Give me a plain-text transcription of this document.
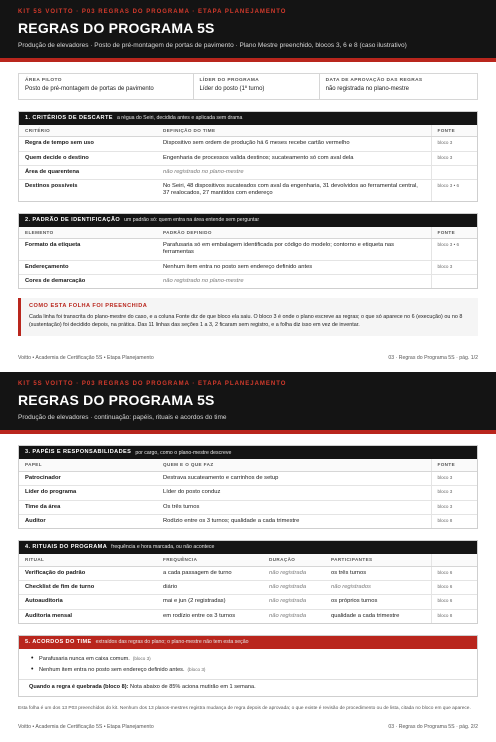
KIT 5S VOITTO · P03 REGRAS DO PROGRAMA · ETAPA PLANEJAMENTO
REGRAS DO PROGRAMA 5S
Produção de elevadores · Posto de pré-montagem de portas de pavimento · Plano Mestre preenchido, blocos 3, 6 e 8 (caso ilustrativo)
ÁREA PILOTO
Posto de pré-montagem de portas de pavimento
LÍDER DO PROGRAMA
Líder do posto (1º turno)
DATA DE APROVAÇÃO DAS REGRAS
não registrada no plano-mestre
1. CRITÉRIOS DE DESCARTE a régua do Seiri, decidida antes e aplicada sem drama
CRITÉRIO	DEFINIÇÃO DO TIME	FONTE
Regra de tempo sem uso	Dispositivo sem ordem de produção há 6 meses recebe cartão vermelho	bloco 3
Quem decide o destino	Engenharia de processos valida destinos; sucateamento só com aval dela	bloco 3
Área de quarentena	não registrado no plano-mestre	
Destinos possíveis	No Seiri, 48 dispositivos sucateados com aval da engenharia, 31 devolvidos ao ferramental central, 37 realocados, 27 mantidos com endereço	bloco 3 • 6
2. PADRÃO DE IDENTIFICAÇÃO um padrão só: quem entra na área entende sem perguntar
ELEMENTO	PADRÃO DEFINIDO	FONTE
Formato da etiqueta	Parafusaria só em embalagem identificada por código do modelo; contorno e etiqueta nas ferramentas	bloco 3 • 6
Endereçamento	Nenhum item entra no posto sem endereço definido antes	bloco 3
Cores de demarcação	não registrado no plano-mestre	
COMO ESTA FOLHA FOI PREENCHIDA
Cada linha foi transcrita do plano-mestre do caso, e a coluna Fonte diz de que bloco ela saiu. O bloco 3 é onde o plano escreve as regras; o que só aparece no 6 (execução) ou no 8 (sustentação) foi decidido depois, na prática. Das 11 linhas das seções 1 a 3, 2 ficaram sem registro, e a folha diz isso em vez de inventar.
Voitto • Academia de Certificação 5S • Etapa Planejamento	03 · Regras do Programa 5S · pág. 1/2
KIT 5S VOITTO · P03 REGRAS DO PROGRAMA · ETAPA PLANEJAMENTO
REGRAS DO PROGRAMA 5S
Produção de elevadores · continuação: papéis, rituais e acordos do time
3. PAPÉIS E RESPONSABILIDADES por cargo, como o plano-mestre descreve
PAPEL	QUEM E O QUE FAZ	FONTE
Patrocinador	Destrava sucateamento e carrinhos de setup	bloco 3
Líder do programa	Líder do posto conduz	bloco 3
Time da área	Os três turnos	bloco 3
Auditor	Rodízio entre os 3 turnos; qualidade a cada trimestre	bloco 8
4. RITUAIS DO PROGRAMA frequência e hora marcada, ou não acontece
RITUAL	FREQUÊNCIA	DURAÇÃO	PARTICIPANTES	
Verificação do padrão	a cada passagem de turno	não registrada	os três turnos	bloco 6
Checklist de fim de turno	diário	não registrada	não registrados	bloco 6
Autoauditoria	mai e jun (2 registradas)	não registrada	os próprios turnos	bloco 6
Auditoria mensal	em rodízio entre os 3 turnos	não registrada	qualidade a cada trimestre	bloco 8
5. ACORDOS DO TIME extraídos das regras do plano; o plano-mestre não tem esta seção
• Parafusaria nunca em caixa comum. (bloco 3)
• Nenhum item entra no posto sem endereço definido antes. (bloco 3)
Quando a regra é quebrada (bloco 8): Nota abaixo de 85% aciona mutirão em 1 semana.
Esta folha é um dos 13 P03 preenchidos do kit. Nenhum dos 13 planos-mestres registra mudança de regra depois de aprovada; o que existe é revisão de procedimento ou de lista, citada no bloco em que aparece.
Voitto • Academia de Certificação 5S • Etapa Planejamento	03 · Regras do Programa 5S · pág. 2/2
